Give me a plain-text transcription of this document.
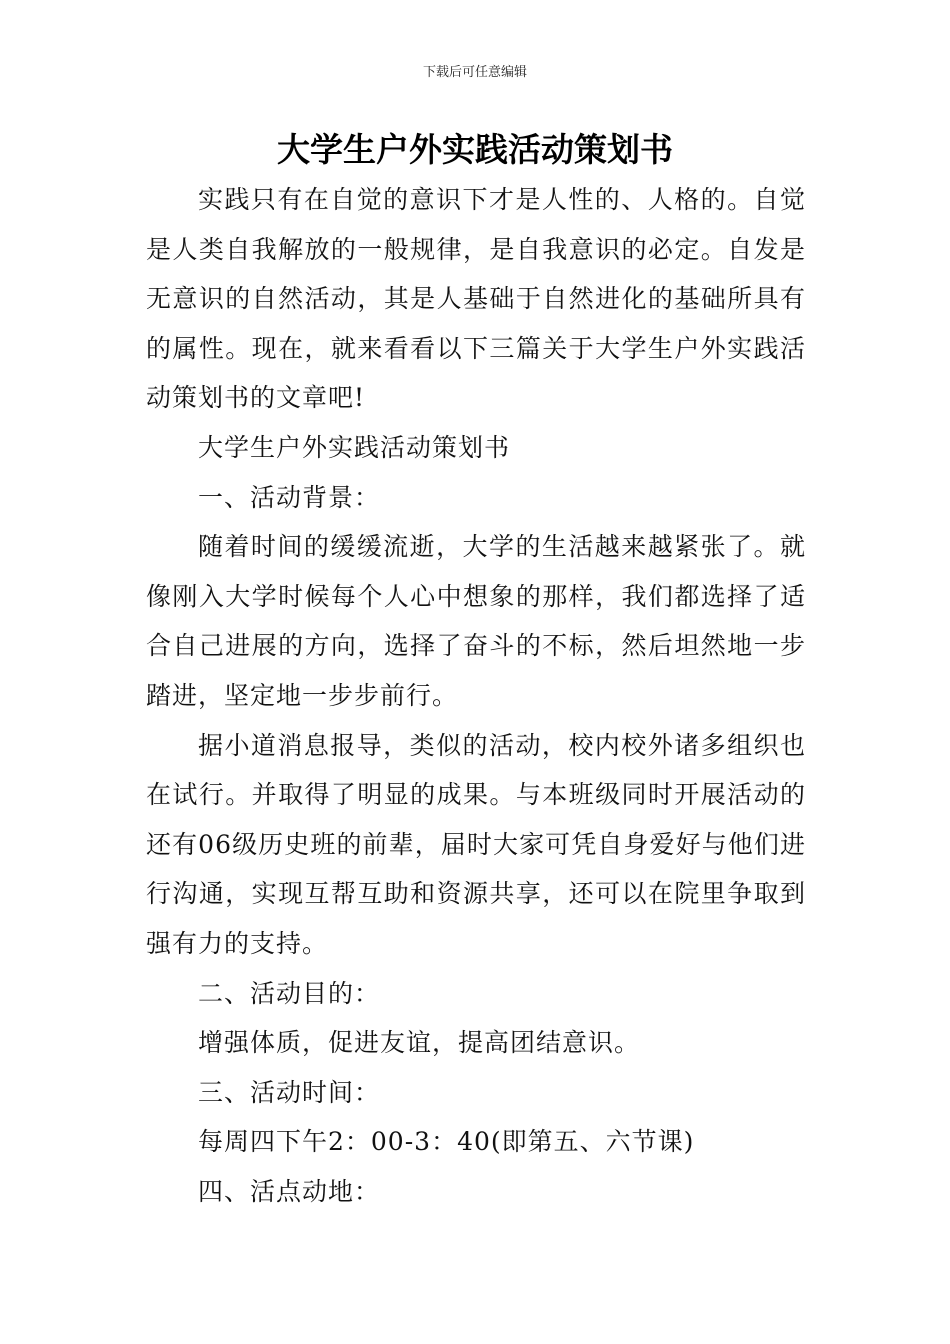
下载后可任意编辑
大学生户外实践活动策划书

实践只有在自觉的意识下才是人性的、人格的。自觉是人类自我解放的一般规律，是自我意识的必定。自发是无意识的自然活动，其是人基础于自然进化的基础所具有的属性。现在，就来看看以下三篇关于大学生户外实践活动策划书的文章吧!

大学生户外实践活动策划书

一、活动背景：

随着时间的缓缓流逝，大学的生活越来越紧张了。就像刚入大学时候每个人心中想象的那样，我们都选择了适合自己进展的方向，选择了奋斗的不标，然后坦然地一步踏进，坚定地一步步前行。

据小道消息报导，类似的活动，校内校外诸多组织也在试行。并取得了明显的成果。与本班级同时开展活动的还有06级历史班的前辈，届时大家可凭自身爱好与他们进行沟通，实现互帮互助和资源共享，还可以在院里争取到强有力的支持。

二、活动目的：

增强体质，促进友谊，提高团结意识。

三、活动时间：

每周四下午2：00-3：40(即第五、六节课)

四、活点动地：
